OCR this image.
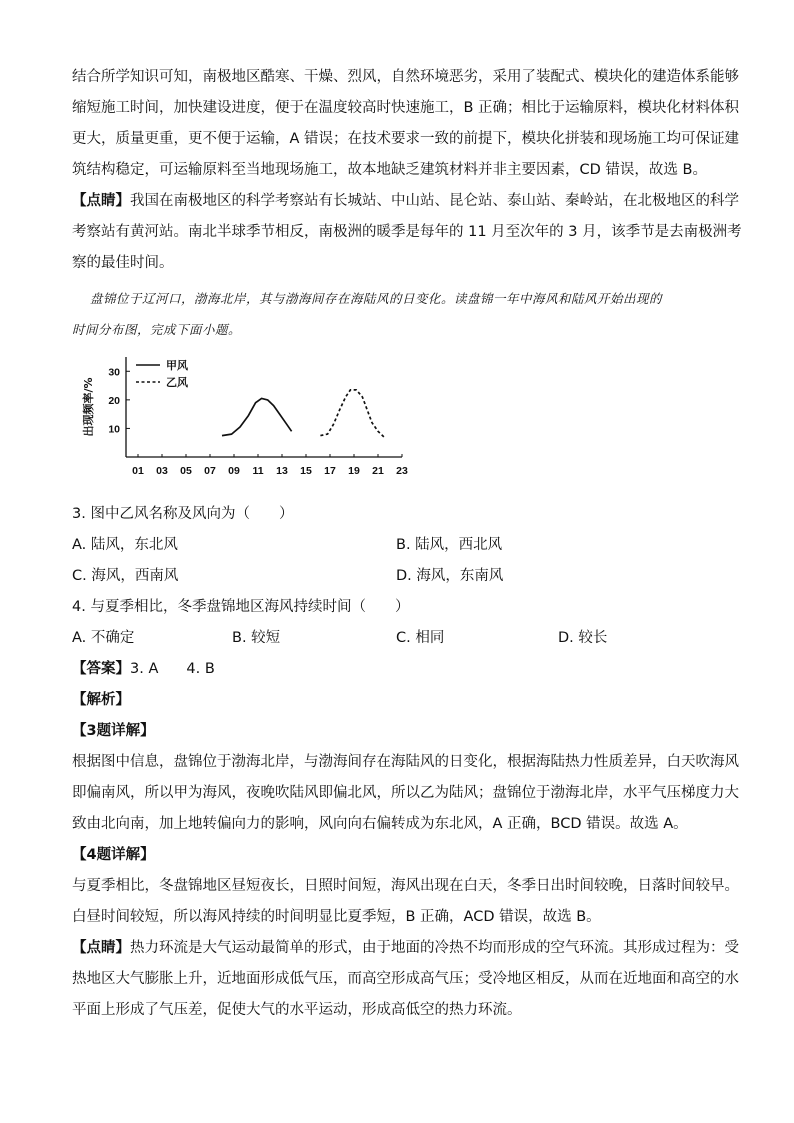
结合所学知识可知，南极地区酷寒、干燥、烈风，自然环境恶劣，采用了装配式、模块化的建造体系能够
缩短施工时间，加快建设进度，便于在温度较高时快速施工，B 正确；相比于运输原料，模块化材料体积
更大，质量更重，更不便于运输，A 错误；在技术要求一致的前提下，模块化拼装和现场施工均可保证建
筑结构稳定，可运输原料至当地现场施工，故本地缺乏建筑材料并非主要因素，CD 错误，故选 B。
【点睛】我国在南极地区的科学考察站有长城站、中山站、昆仑站、泰山站、秦岭站，在北极地区的科学
考察站有黄河站。南北半球季节相反，南极洲的暖季是每年的 11 月至次年的 3 月，该季节是去南极洲考
察的最佳时间。
盘锦位于辽河口，渤海北岸，其与渤海间存在海陆风的日变化。读盘锦一年中海风和陆风开始出现的
时间分布图，完成下面小题。
10
20
30
01 03 05 07 09 11 13 15 17 19 21 23
出现频率/%
甲风
乙风
3. 图中乙风名称及风向为（　　）
A. 陆风，东北风	B. 陆风，西北风
C. 海风，西南风	D. 海风，东南风
4. 与夏季相比，冬季盘锦地区海风持续时间（　　）
A. 不确定	B. 较短	C. 相同	D. 较长
【答案】3. A 4. B
【解析】
【3题详解】
根据图中信息，盘锦位于渤海北岸，与渤海间存在海陆风的日变化，根据海陆热力性质差异，白天吹海风
即偏南风，所以甲为海风，夜晚吹陆风即偏北风，所以乙为陆风；盘锦位于渤海北岸，水平气压梯度力大
致由北向南，加上地转偏向力的影响，风向向右偏转成为东北风，A 正确，BCD 错误。故选 A。
【4题详解】
与夏季相比，冬盘锦地区昼短夜长，日照时间短，海风出现在白天，冬季日出时间较晚，日落时间较早。
白昼时间较短，所以海风持续的时间明显比夏季短，B 正确，ACD 错误，故选 B。
【点睛】热力环流是大气运动最简单的形式，由于地面的冷热不均而形成的空气环流。其形成过程为：受
热地区大气膨胀上升，近地面形成低气压，而高空形成高气压；受冷地区相反，从而在近地面和高空的水
平面上形成了气压差，促使大气的水平运动，形成高低空的热力环流。
